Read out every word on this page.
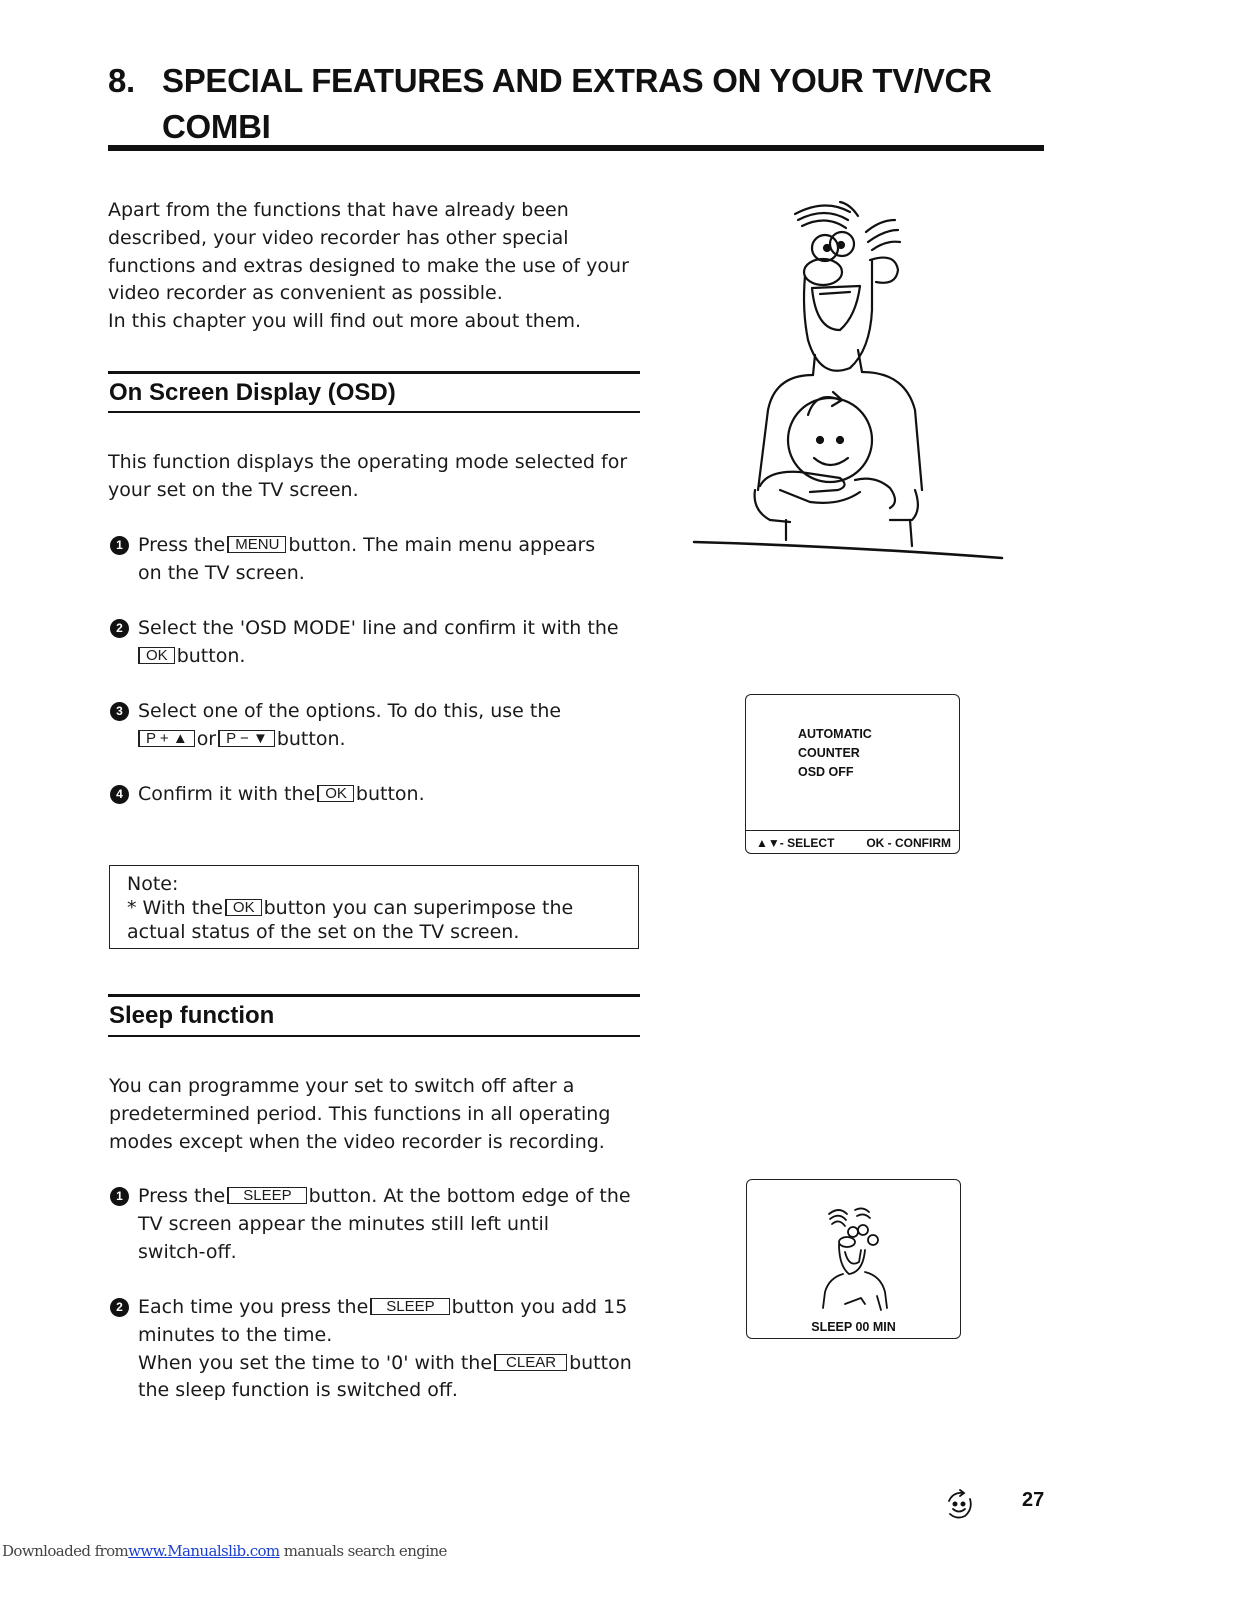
8. SPECIAL FEATURES AND EXTRAS ON YOUR TV/VCR
COMBI

Apart from the functions that have already been

described, your video recorder has other special

functions and extras designed to make the use of your

video recorder as convenient as possible.

In this chapter you will find out more about them.

On Screen Display (OSD)

This function displays the operating mode selected for

your set on the TV screen.

1 Press the MENU button. The main menu appears

on the TV screen.

2 Select the 'OSD MODE' line and confirm it with the

OK button.

3 Select one of the options. To do this, use the

P + ▲ or P − ▼ button.

4 Confirm it with the OK button.

AUTOMATIC
COUNTER
OSD OFF
▲▼- SELECT	OK - CONFIRM

Note:

* With the OK button you can superimpose the

actual status of the set on the TV screen.

Sleep function

You can programme your set to switch off after a

predetermined period. This functions in all operating

modes except when the video recorder is recording.

1 Press the SLEEP button. At the bottom edge of the

TV screen appear the minutes still left until

switch-off.

2 Each time you press the SLEEP button you add 15

minutes to the time.

When you set the time to '0' with the CLEAR button

the sleep function is switched off.

SLEEP 00 MIN
27
Downloaded fromwww.Manualslib.com manuals search engine
